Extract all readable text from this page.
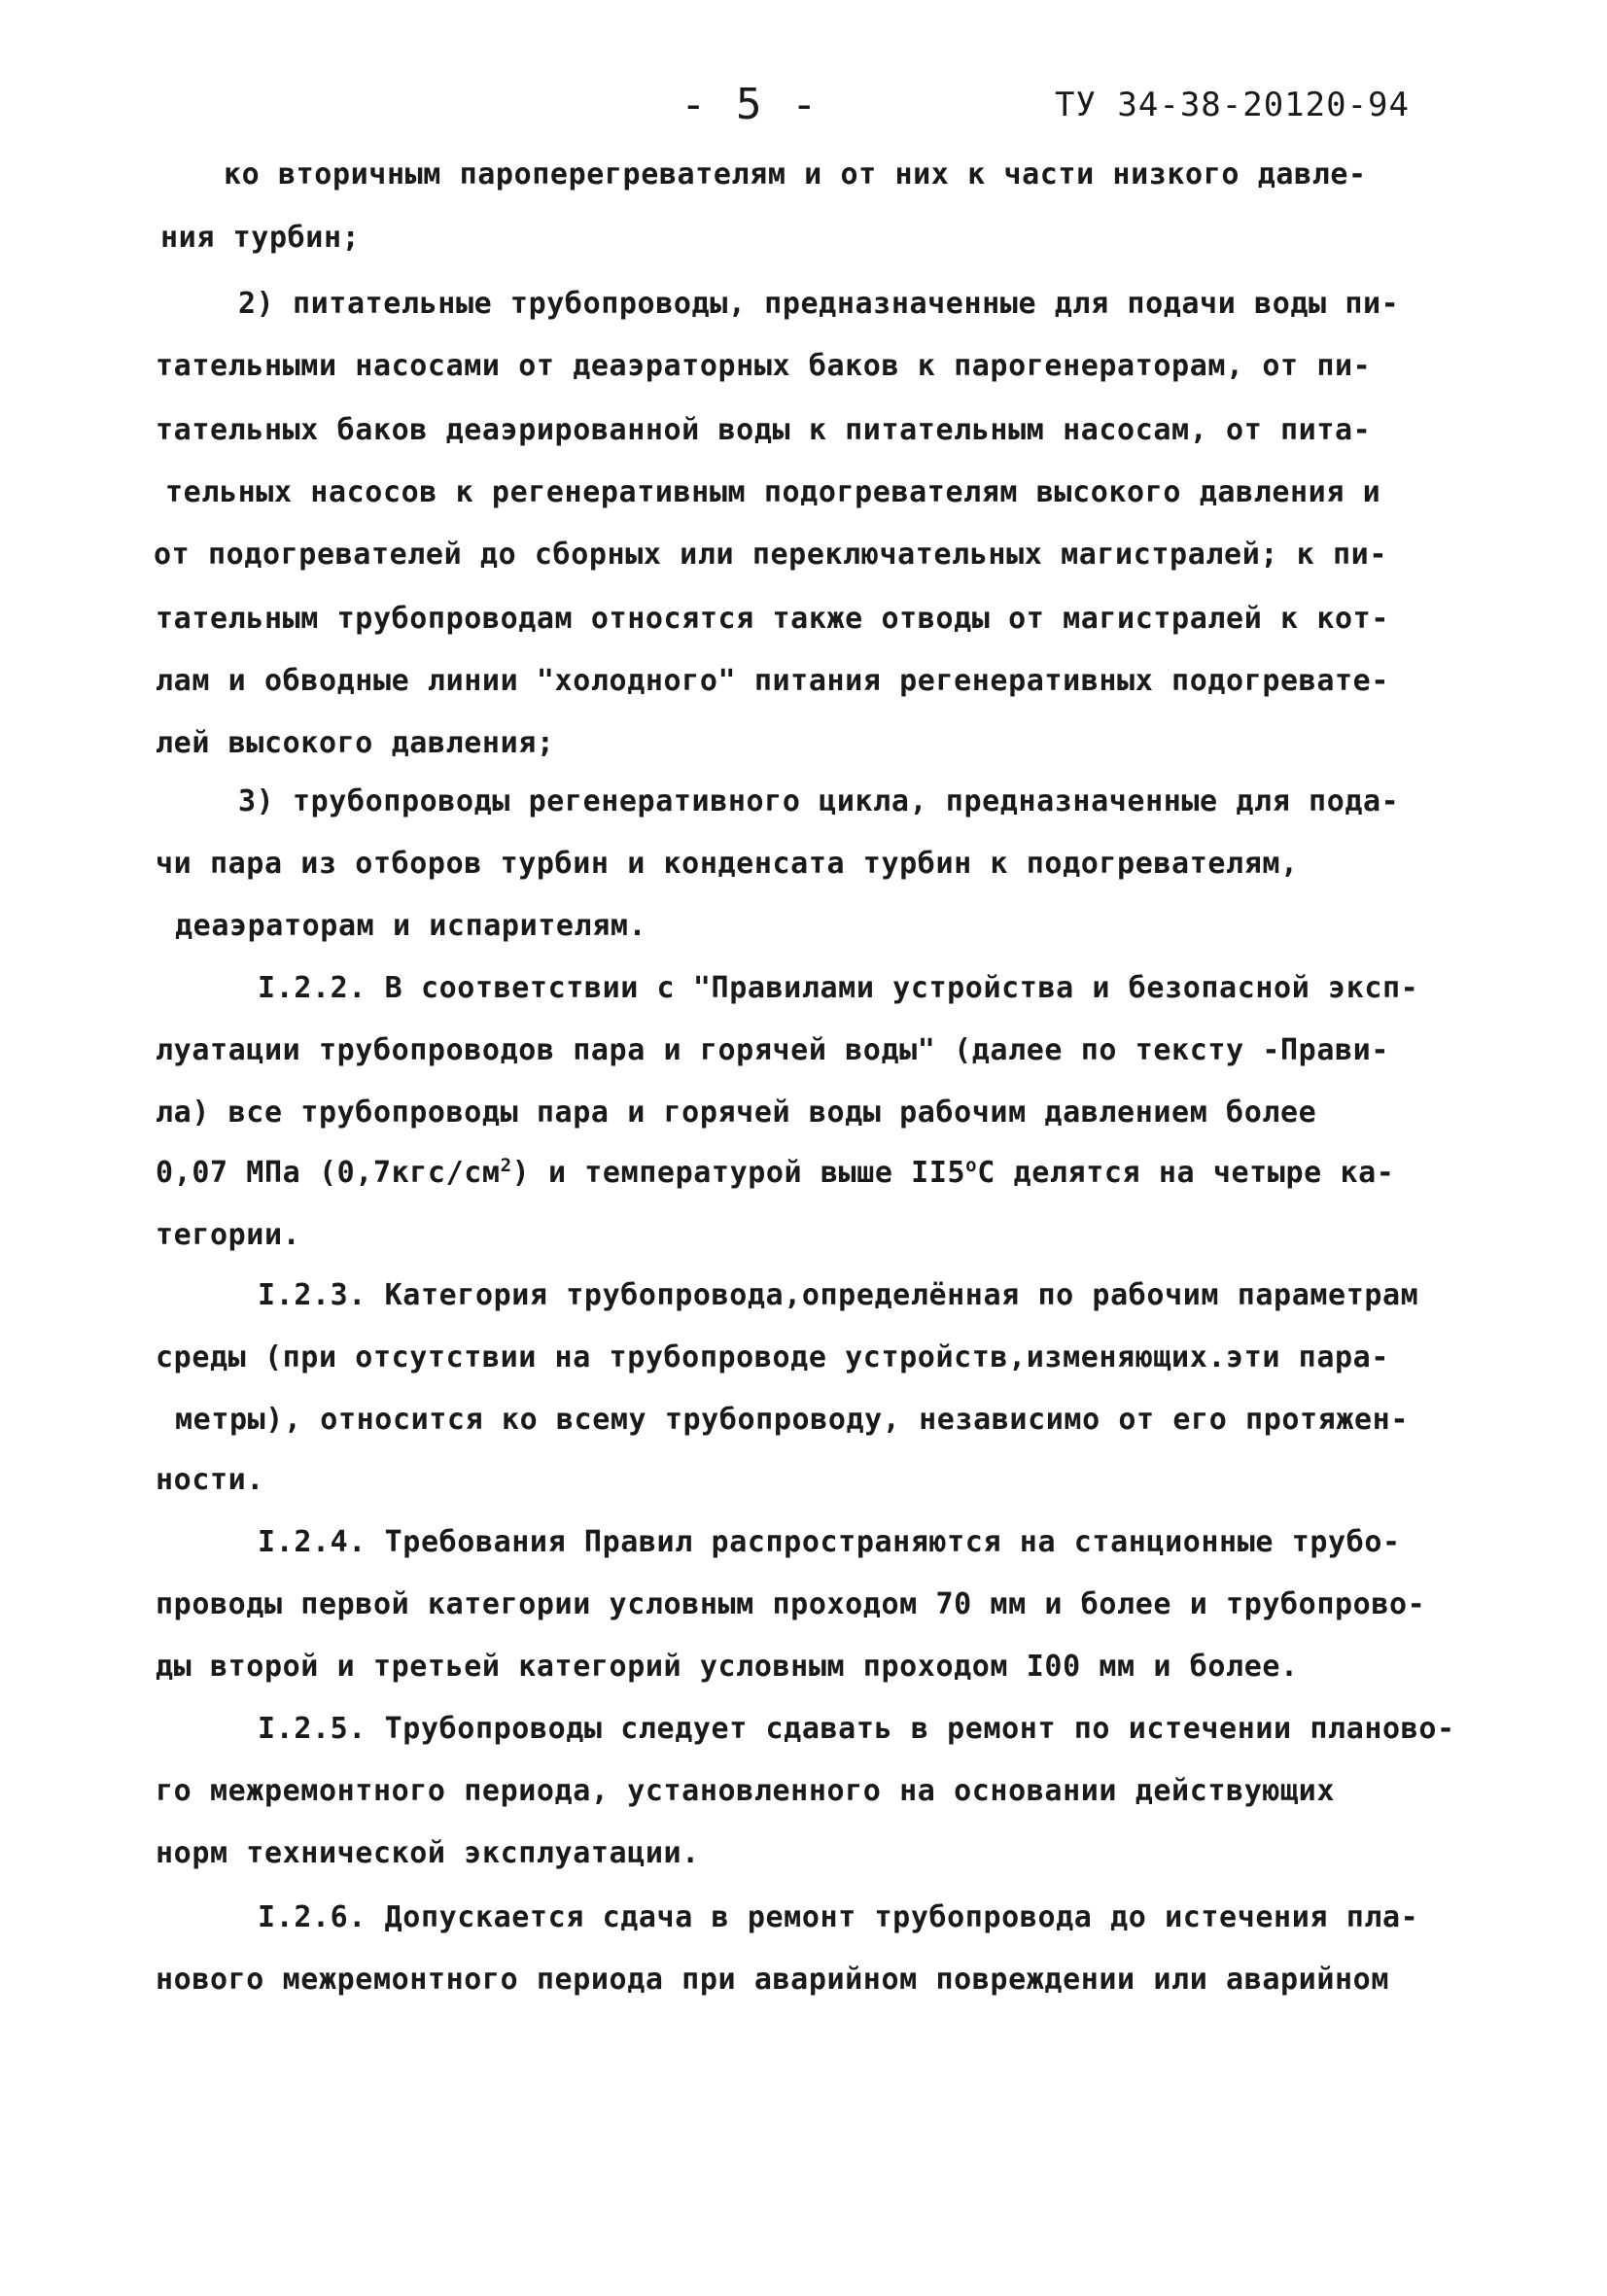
- 5 -	ТУ 34-38-20120-94
ко вторичным пароперегревателям и от них к части низкого давле-
ния турбин;
2) питательные трубопроводы, предназначенные для подачи воды пи-
тательными насосами от деаэраторных баков к парогенераторам, от пи-
тательных баков деаэрированной воды к питательным насосам, от пита-
тельных насосов к регенеративным подогревателям высокого давления и
от подогревателей до сборных или переключательных магистралей; к пи-
тательным трубопроводам относятся также отводы от магистралей к кот-
лам и обводные линии "холодного" питания регенеративных подогревате-
лей высокого давления;
3) трубопроводы регенеративного цикла, предназначенные для пода-
чи пара из отборов турбин и конденсата турбин к подогревателям,
деаэраторам и испарителям.
I.2.2. В соответствии с "Правилами устройства и безопасной эксп-
луатации трубопроводов пара и горячей воды" (далее по тексту -Прави-
ла) все трубопроводы пара и горячей воды рабочим давлением более
0,07 МПа $(0,7кгс/см^2)$ и температурой выше $II5^оС$ делятся на четыре ка-
тегории.
I.2.3. Категория трубопровода,определённая по рабочим параметрам
среды (при отсутствии на трубопроводе устройств,изменяющих.эти пара-
метры), относится ко всему трубопроводу, независимо от его протяжен-
ности.
I.2.4. Требования Правил распространяются на станционные трубо-
проводы первой категории условным проходом 70 мм и более и трубопрово-
ды второй и третьей категорий условным проходом I00 мм и более.
I.2.5. Трубопроводы следует сдавать в ремонт по истечении планово-
го межремонтного периода, установленного на основании действующих
норм технической эксплуатации.
I.2.6. Допускается сдача в ремонт трубопровода до истечения пла-
нового межремонтного периода при аварийном повреждении или аварийном
